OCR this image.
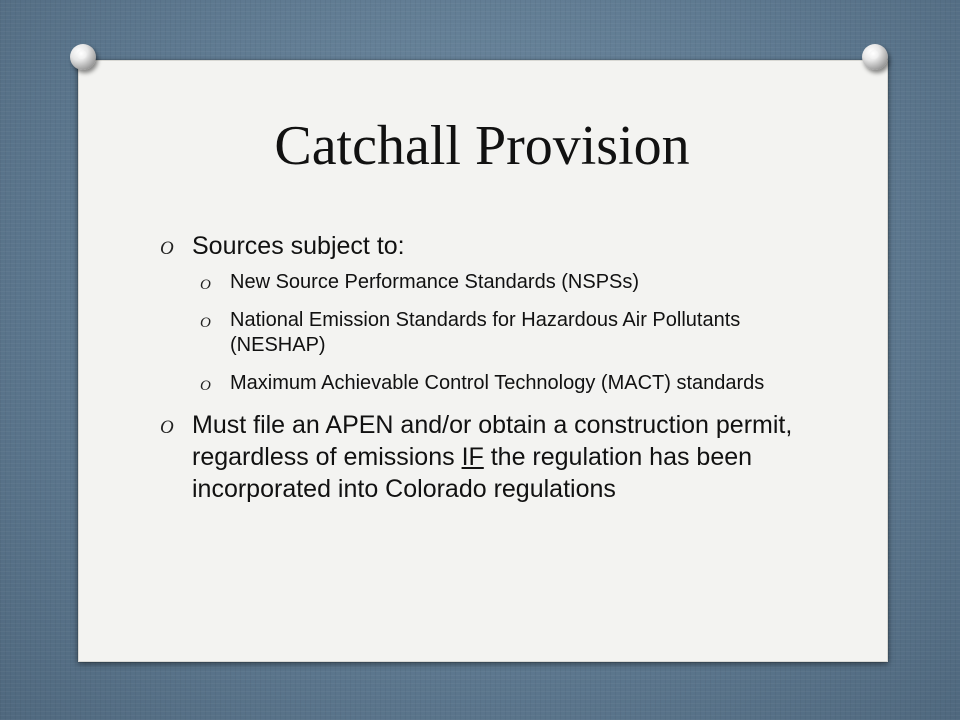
Catchall Provision
O Sources subject to:
O New Source Performance Standards (NSPSs)
O National Emission Standards for Hazardous Air Pollutants (NESHAP)
O Maximum Achievable Control Technology (MACT) standards
O Must file an APEN and/or obtain a construction permit, regardless of emissions IF the regulation has been incorporated into Colorado regulations
